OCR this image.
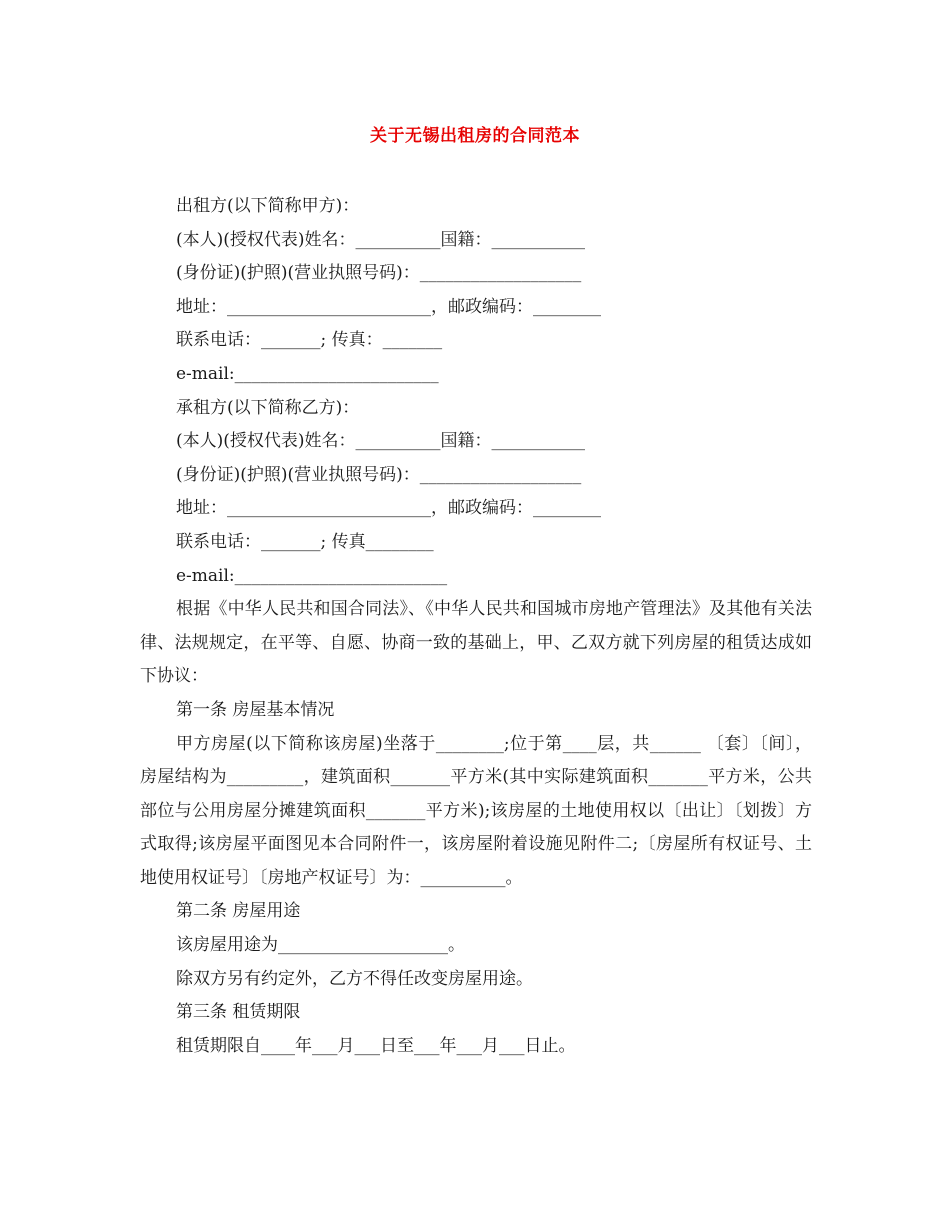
关于无锡出租房的合同范本
出租方(以下简称甲方)：
(本人)(授权代表)姓名：__________国籍：___________
(身份证)(护照)(营业执照号码)：___________________
地址：________________________，邮政编码：________
联系电话：_______; 传真：_______
e-mail:________________________
承租方(以下简称乙方)：
(本人)(授权代表)姓名：__________国籍：___________
(身份证)(护照)(营业执照号码)：___________________
地址：________________________，邮政编码：________
联系电话：_______; 传真________
e-mail:_________________________
根据《中华人民共和国合同法》、《中华人民共和国城市房地产管理法》及其他有关法律、法规规定，在平等、自愿、协商一致的基础上，甲、乙双方就下列房屋的租赁达成如下协议：
第一条 房屋基本情况
甲方房屋(以下简称该房屋)坐落于________;位于第____层，共______ 〔套〕〔间〕，房屋结构为_________，建筑面积_______平方米(其中实际建筑面积_______平方米，公共部位与公用房屋分摊建筑面积_______平方米);该房屋的土地使用权以〔出让〕〔划拨〕方式取得;该房屋平面图见本合同附件一，该房屋附着设施见附件二;〔房屋所有权证号、土地使用权证号〕〔房地产权证号〕为：__________。
第二条 房屋用途
该房屋用途为____________________。
除双方另有约定外，乙方不得任改变房屋用途。
第三条 租赁期限
租赁期限自____年___月___日至___年___月___日止。
